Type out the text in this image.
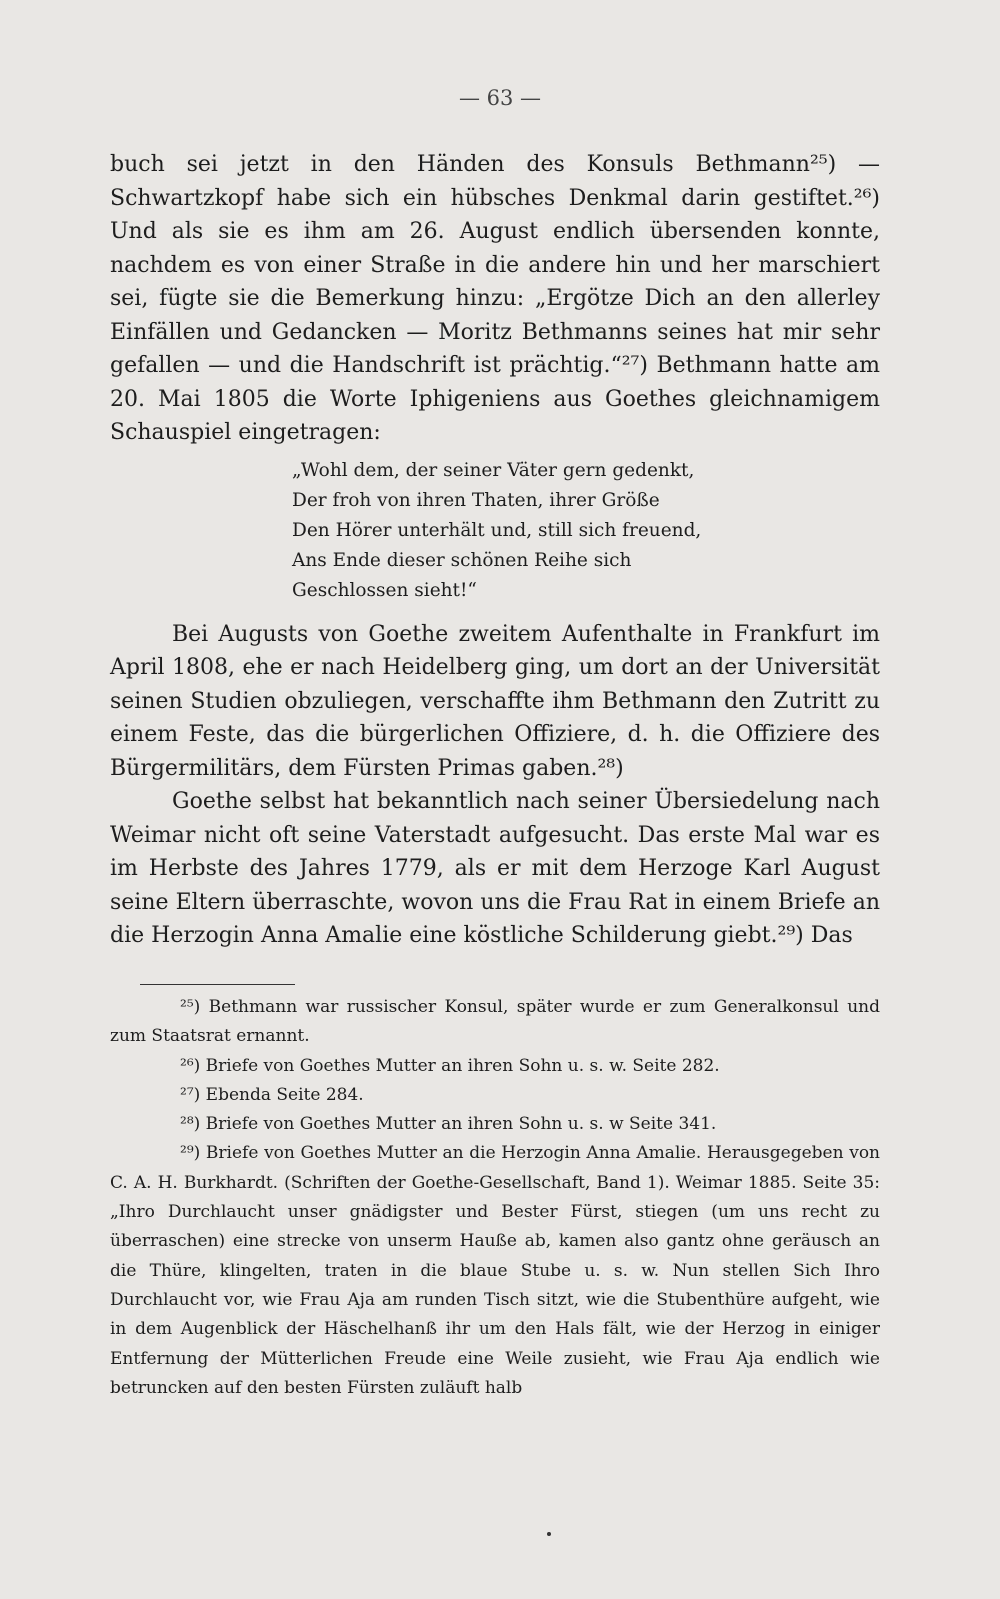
— 63 —

buch sei jetzt in den Händen des Konsuls Bethmann²⁵) — Schwartzkopf habe sich ein hübsches Denkmal darin gestiftet.²⁶) Und als sie es ihm am 26. August endlich übersenden konnte, nachdem es von einer Straße in die andere hin und her marschiert sei, fügte sie die Bemerkung hinzu: „Ergötze Dich an den allerley Einfällen und Gedancken — Moritz Bethmanns seines hat mir sehr gefallen — und die Handschrift ist prächtig.“²⁷) Bethmann hatte am 20. Mai 1805 die Worte Iphigeniens aus Goethes gleichnamigem Schauspiel eingetragen:

„Wohl dem, der seiner Väter gern gedenkt,
Der froh von ihren Thaten, ihrer Größe
Den Hörer unterhält und, still sich freuend,
Ans Ende dieser schönen Reihe sich
Geschlossen sieht!“

Bei Augusts von Goethe zweitem Aufenthalte in Frankfurt im April 1808, ehe er nach Heidelberg ging, um dort an der Universität seinen Studien obzuliegen, verschaffte ihm Bethmann den Zutritt zu einem Feste, das die bürgerlichen Offiziere, d. h. die Offiziere des Bürgermilitärs, dem Fürsten Primas gaben.²⁸)

Goethe selbst hat bekanntlich nach seiner Übersiedelung nach Weimar nicht oft seine Vaterstadt aufgesucht. Das erste Mal war es im Herbste des Jahres 1779, als er mit dem Herzoge Karl August seine Eltern überraschte, wovon uns die Frau Rat in einem Briefe an die Herzogin Anna Amalie eine köstliche Schilderung giebt.²⁹) Das

²⁵) Bethmann war russischer Konsul, später wurde er zum Generalkonsul und zum Staatsrat ernannt.

²⁶) Briefe von Goethes Mutter an ihren Sohn u. s. w. Seite 282.

²⁷) Ebenda Seite 284.

²⁸) Briefe von Goethes Mutter an ihren Sohn u. s. w Seite 341.

²⁹) Briefe von Goethes Mutter an die Herzogin Anna Amalie. Herausgegeben von C. A. H. Burkhardt. (Schriften der Goethe-Gesellschaft, Band 1). Weimar 1885. Seite 35: „Ihro Durchlaucht unser gnädigster und Bester Fürst, stiegen (um uns recht zu überraschen) eine strecke von unserm Hauße ab, kamen also gantz ohne geräusch an die Thüre, klingelten, traten in die blaue Stube u. s. w. Nun stellen Sich Ihro Durchlaucht vor, wie Frau Aja am runden Tisch sitzt, wie die Stubenthüre aufgeht, wie in dem Augenblick der Häschelhanß ihr um den Hals fält, wie der Herzog in einiger Entfernung der Mütterlichen Freude eine Weile zusieht, wie Frau Aja endlich wie betruncken auf den besten Fürsten zuläuft halb
